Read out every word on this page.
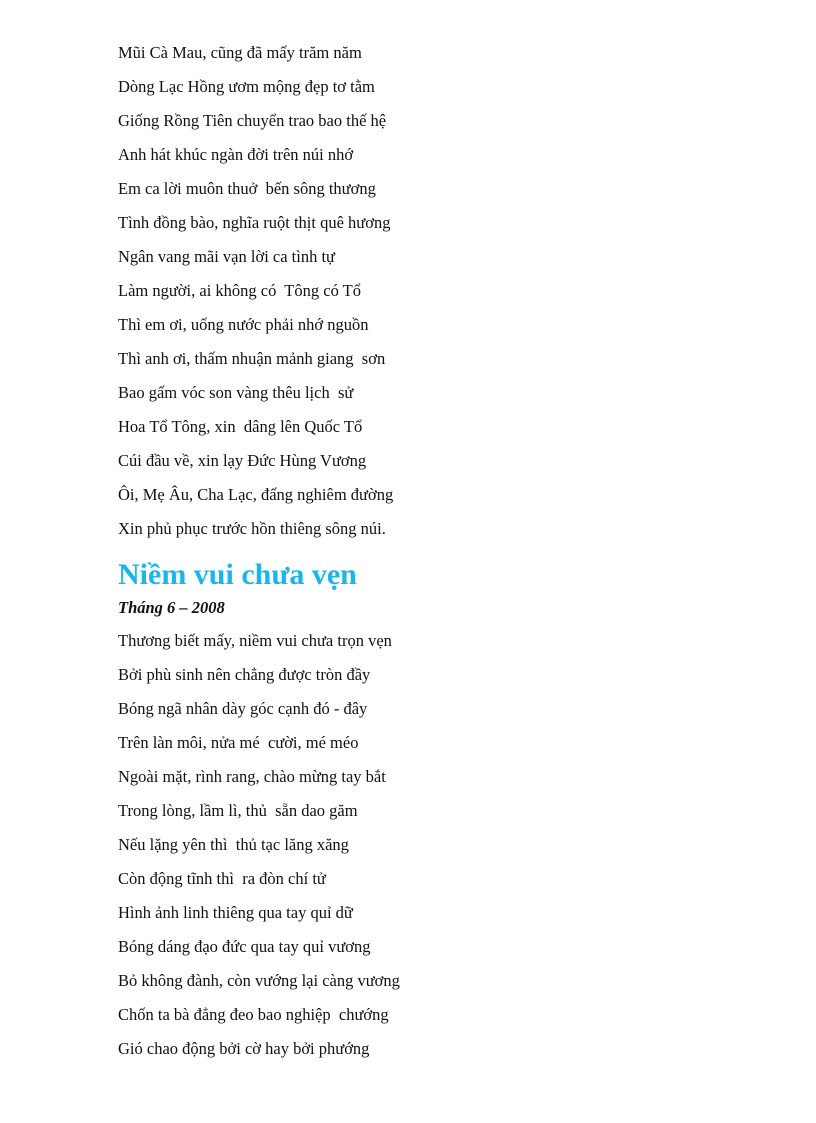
Mũi Cà Mau, cũng đã mấy trăm năm
Dòng Lạc Hồng ươm mộng đẹp tơ tằm
Giống Rồng Tiên chuyển trao bao thế hệ
Anh hát khúc ngàn đời trên núi nhớ
Em ca lời muôn thuở  bến sông thương
Tình đồng bào, nghĩa ruột thịt quê hương
Ngân vang mãi vạn lời ca tình tự
Làm người, ai không có  Tông có Tổ
Thì em ơi, uống nước phải nhớ nguồn
Thì anh ơi, thấm nhuận mảnh giang  sơn
Bao gấm vóc son vàng thêu lịch  sử
Hoa Tổ Tông, xin  dâng lên Quốc Tổ
Cúi đầu về, xin lạy Đức Hùng Vương
Ôi, Mẹ Âu, Cha Lạc, đấng nghiêm đường
Xin phủ phục trước hồn thiêng sông núi.
Niềm vui chưa vẹn
Tháng 6 – 2008
Thương biết mấy, niềm vui chưa trọn vẹn
Bởi phù sinh nên chẳng được tròn đầy
Bóng ngã nhân dày góc cạnh đó - đây
Trên làn môi, nửa mé  cười, mé méo
Ngoài mặt, rình rang, chào mừng tay bắt
Trong lòng, lầm lì, thủ  sẵn dao găm
Nếu lặng yên thì  thủ tạc lăng xăng
Còn động tĩnh thì  ra đòn chí tử
Hình ảnh linh thiêng qua tay quỉ dữ
Bóng dáng đạo đức qua tay quỉ vương
Bỏ không đành, còn vướng lại càng vương
Chốn ta bà đẳng đeo bao nghiệp  chướng
Gió chao động bởi cờ hay bởi phướng
